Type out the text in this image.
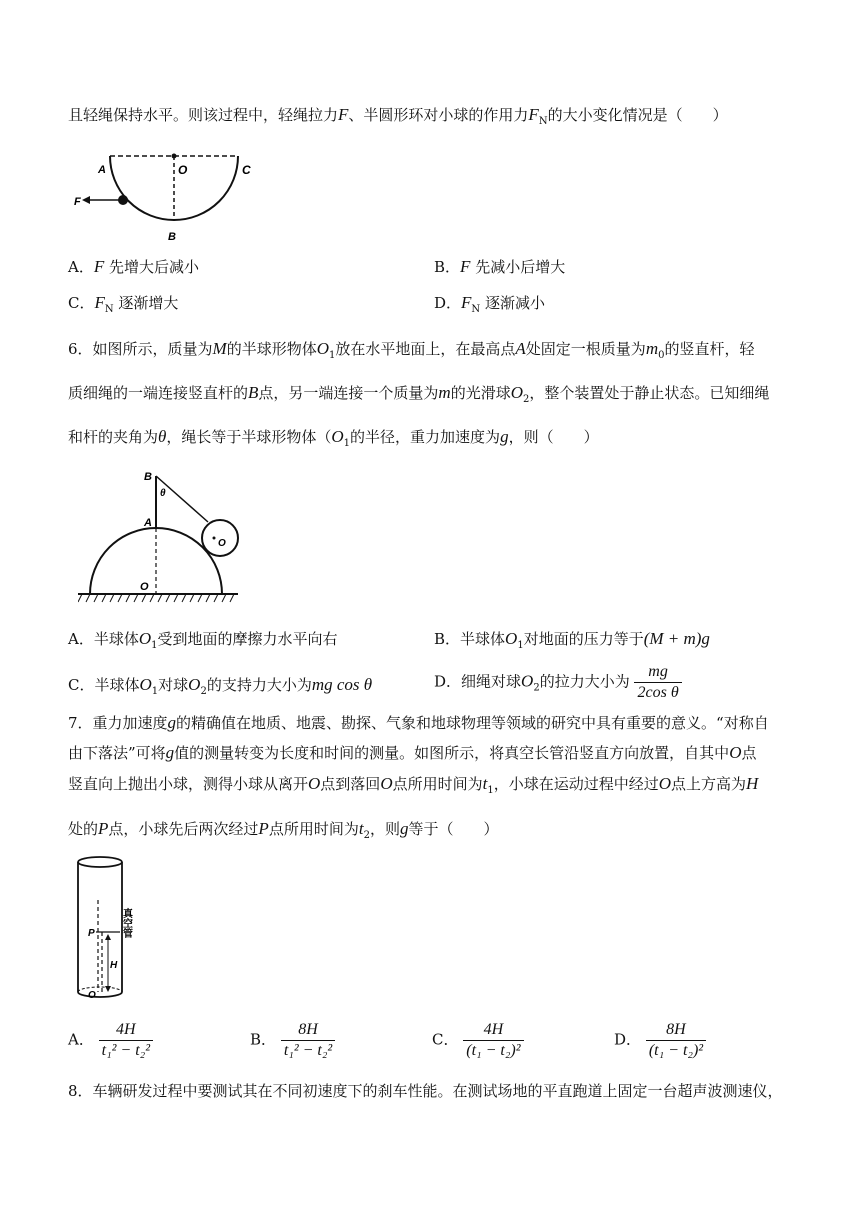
且轻绳保持水平。则该过程中，轻绳拉力F、半圆形环对小球的作用力$F_N$的大小变化情况是（　　）
A	O	C
F
B
A．F 先增大后减小	B．F 先减小后增大
C．$F_N$ 逐渐增大	D．$F_N$ 逐渐减小
6．如图所示，质量为M的半球形物体$O_1$放在水平地面上，在最高点A处固定一根质量为$m_0$的竖直杆，轻
质细绳的一端连接竖直杆的B点，另一端连接一个质量为m的光滑球$O_2$，整个装置处于静止状态。已知细绳
和杆的夹角为θ，绳长等于半球形物体（$O_1$的半径，重力加速度为g，则（　　）
B
θ
A
O
O
A．半球体$O_1$受到地面的摩擦力水平向右	B．半球体$O_1$对地面的压力等于(M + m)g
C．半球体$O_1$对球$O_2$的支持力大小为mg cos θ	D．细绳对球$O_2$的拉力大小为 $\frac{mg}{\text{2cos θ}}$
7．重力加速度g的精确值在地质、地震、勘探、气象和地球物理等领域的研究中具有重要的意义。“对称自
由下落法”可将g值的测量转变为长度和时间的测量。如图所示，将真空长管沿竖直方向放置，自其中O点
竖直向上抛出小球，测得小球从离开O点到落回O点所用时间为$t_1$，小球在运动过程中经过O点上方高为H
处的P点，小球先后两次经过P点所用时间为$t_2$，则g等于（　　）
P
H
O
真空管
A． $\frac{4H}{\text{t₁² − t₂²}}$	B． $\frac{8H}{\text{t₁² − t₂²}}$	C． $\frac{4H}{\text{(t₁ − t₂)²}}$	D． $\frac{8H}{\text{(t₁ − t₂)²}}$
8．车辆研发过程中要测试其在不同初速度下的刹车性能。在测试场地的平直跑道上固定一台超声波测速仪，
